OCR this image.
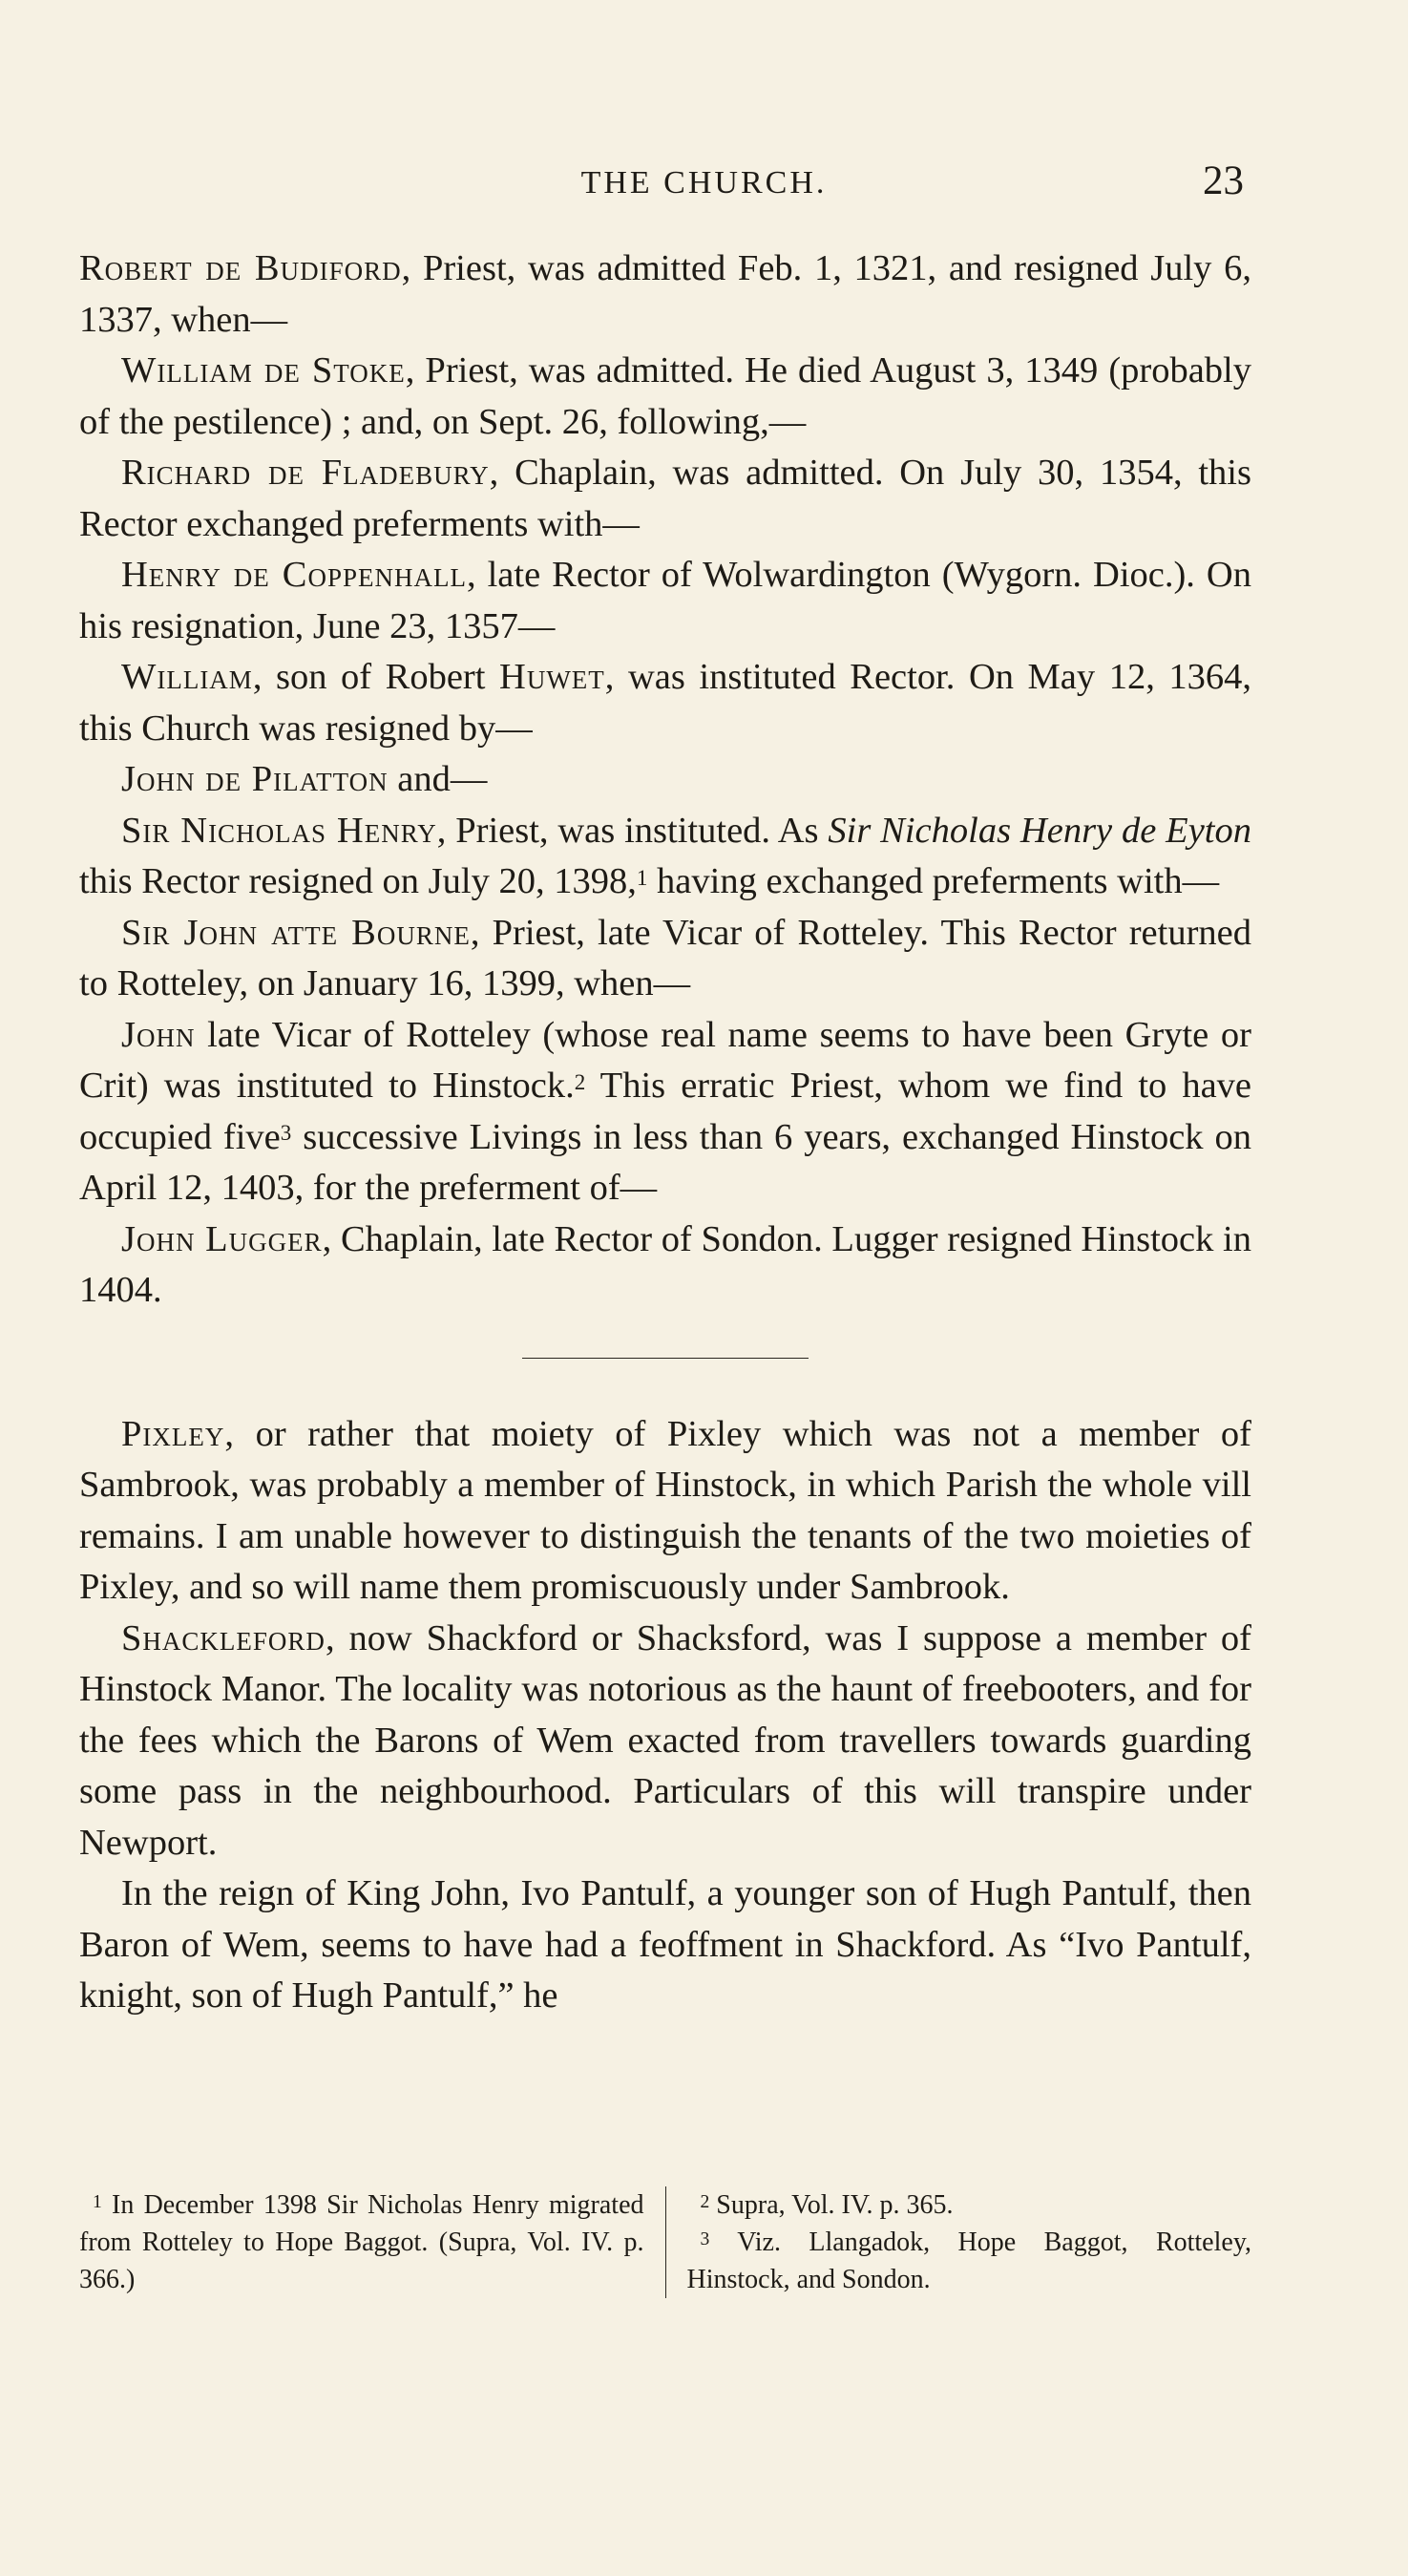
THE CHURCH.	23

Robert de Budiford, Priest, was admitted Feb. 1, 1321, and resigned July 6, 1337, when—

William de Stoke, Priest, was admitted. He died August 3, 1349 (probably of the pestilence) ; and, on Sept. 26, following,—

Richard de Fladebury, Chaplain, was admitted. On July 30, 1354, this Rector exchanged preferments with—

Henry de Coppenhall, late Rector of Wolwardington (Wygorn. Dioc.). On his resignation, June 23, 1357—

William, son of Robert Huwet, was instituted Rector. On May 12, 1364, this Church was resigned by—

John de Pilatton and—

Sir Nicholas Henry, Priest, was instituted. As Sir Nicholas Henry de Eyton this Rector resigned on July 20, 1398,$^1$ having exchanged preferments with—

Sir John atte Bourne, Priest, late Vicar of Rotteley. This Rector returned to Rotteley, on January 16, 1399, when—

John late Vicar of Rotteley (whose real name seems to have been Gryte or Crit) was instituted to Hinstock.$^2$ This erratic Priest, whom we find to have occupied five$^3$ successive Livings in less than 6 years, exchanged Hinstock on April 12, 1403, for the preferment of—

John Lugger, Chaplain, late Rector of Sondon. Lugger resigned Hinstock in 1404.

Pixley, or rather that moiety of Pixley which was not a member of Sambrook, was probably a member of Hinstock, in which Parish the whole vill remains. I am unable however to distinguish the tenants of the two moieties of Pixley, and so will name them promiscuously under Sambrook.

Shackleford, now Shackford or Shacksford, was I suppose a member of Hinstock Manor. The locality was notorious as the haunt of freebooters, and for the fees which the Barons of Wem exacted from travellers towards guarding some pass in the neighbourhood. Particulars of this will transpire under Newport.

In the reign of King John, Ivo Pantulf, a younger son of Hugh Pantulf, then Baron of Wem, seems to have had a feoffment in Shackford. As “Ivo Pantulf, knight, son of Hugh Pantulf,” he

$^1$ In December 1398 Sir Nicholas Henry migrated from Rotteley to Hope Baggot. (Supra, Vol. IV. p. 366.)

$^2$ Supra, Vol. IV. p. 365.

$^3$ Viz. Llangadok, Hope Baggot, Rotteley, Hinstock, and Sondon.
